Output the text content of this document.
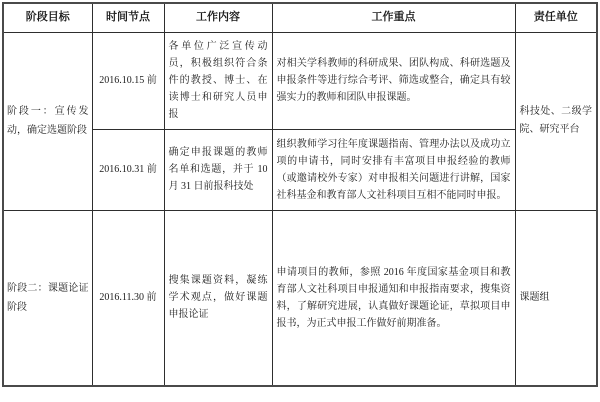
阶段目标	时间节点	工作内容	工作重点	责任单位
阶段一：宣传发动，确定选题阶段	2016.10.15 前	各单位广泛宣传动员，积极组织符合条件的教授、博士、在读博士和研究人员申报	对相关学科教师的科研成果、团队构成、科研选题及申报条件等进行综合考评、筛选或整合，确定具有较强实力的教师和团队申报课题。	科技处、二级学院、研究平台
	2016.10.31 前	确定申报课题的教师名单和选题，并于 10 月 31 日前报科技处	组织教师学习往年度课题指南、管理办法以及成功立项的申请书，同时安排有丰富项目申报经验的教师（或邀请校外专家）对申报相关问题进行讲解，国家社科基金和教育部人文社科项目互相不能同时申报。	
阶段二：课题论证阶段	2016.11.30 前	搜集课题资料，凝练学术观点，做好课题申报论证	申请项目的教师，参照 2016 年度国家基金项目和教育部人文社科项目申报通知和申报指南要求，搜集资料，了解研究进展，认真做好课题论证，草拟项目申报书，为正式申报工作做好前期准备。	课题组
